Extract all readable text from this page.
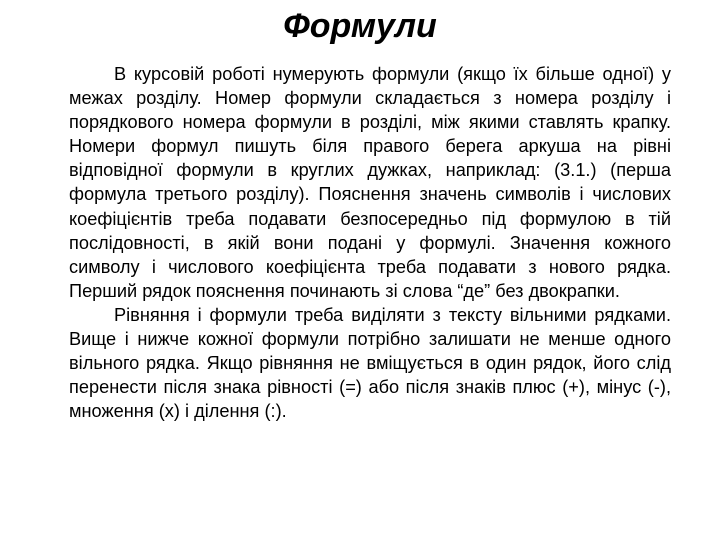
Формули

В курсовій роботі нумерують формули (якщо їх більше одної) у межах розділу. Номер формули складається з номера розділу і порядкового номера формули в розділі, між якими ставлять крапку. Номери формул пишуть біля правого берега аркуша на рівні відповідної формули в круглих дужках, наприклад: (3.1.) (перша формула третього розділу). Пояснення значень символів і числових коефіцієнтів треба подавати безпосередньо під формулою в тій послідовності, в якій вони подані у формулі. Значення кожного символу і числового коефіцієнта треба подавати з нового рядка. Перший рядок пояснення починають зі слова “де” без двокрапки.

Рівняння і формули треба виділяти з тексту вільними рядками. Вище і нижче кожної формули потрібно залишати не менше одного вільного рядка. Якщо рівняння не вміщується в один рядок, його слід перенести після знака рівності (=) або після знаків плюс (+), мінус (-), множення (х) і ділення (:).
